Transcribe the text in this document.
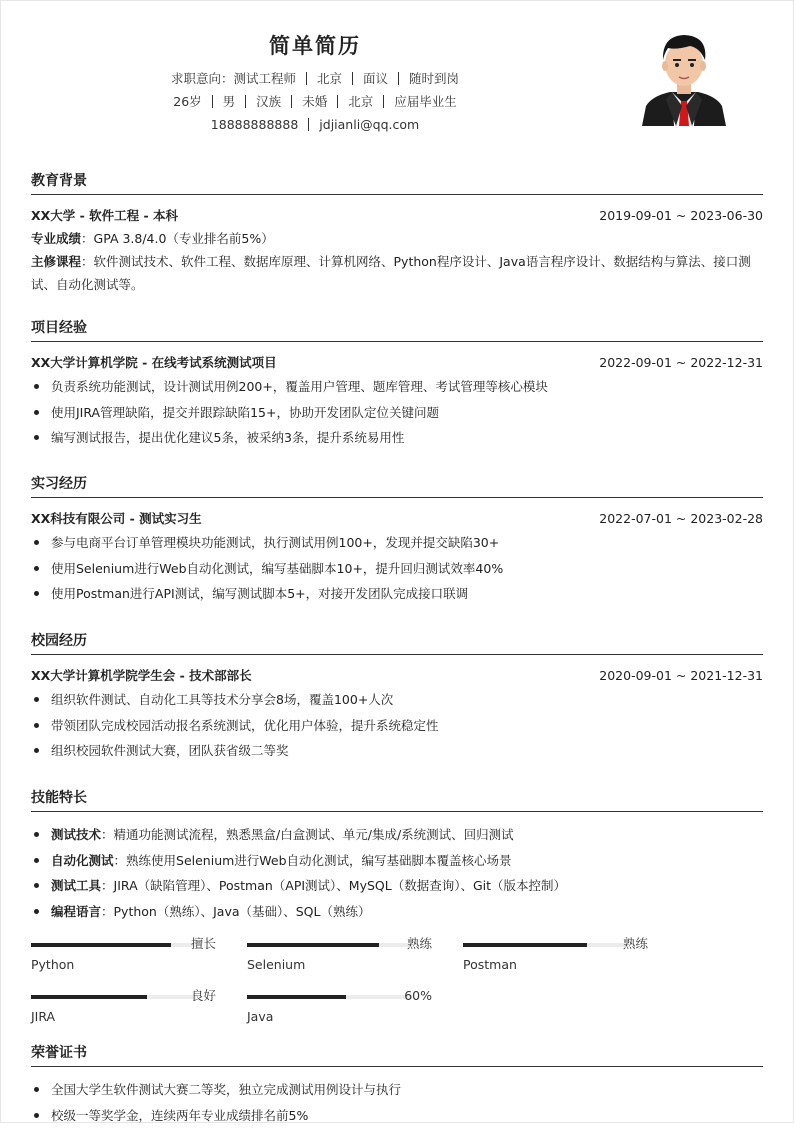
简单简历
求职意向：测试工程师 北京 面议 随时到岗
26岁 男 汉族 未婚 北京 应届毕业生
18888888888 jdjianli@qq.com
教育背景
XX大学 - 软件工程 - 本科	2019-09-01 ~ 2023-06-30
专业成绩：GPA 3.8/4.0（专业排名前5%）
主修课程：软件测试技术、软件工程、数据库原理、计算机网络、Python程序设计、Java语言程序设计、数据结构与算法、接口测试、自动化测试等。
项目经验
XX大学计算机学院 - 在线考试系统测试项目	2022-09-01 ~ 2022-12-31
负责系统功能测试，设计测试用例200+，覆盖用户管理、题库管理、考试管理等核心模块
使用JIRA管理缺陷，提交并跟踪缺陷15+，协助开发团队定位关键问题
编写测试报告，提出优化建议5条，被采纳3条，提升系统易用性
实习经历
XX科技有限公司 - 测试实习生	2022-07-01 ~ 2023-02-28
参与电商平台订单管理模块功能测试，执行测试用例100+，发现并提交缺陷30+
使用Selenium进行Web自动化测试，编写基础脚本10+，提升回归测试效率40%
使用Postman进行API测试，编写测试脚本5+，对接开发团队完成接口联调
校园经历
XX大学计算机学院学生会 - 技术部部长	2020-09-01 ~ 2021-12-31
组织软件测试、自动化工具等技术分享会8场，覆盖100+人次
带领团队完成校园活动报名系统测试，优化用户体验，提升系统稳定性
组织校园软件测试大赛，团队获省级二等奖
技能特长
测试技术：精通功能测试流程，熟悉黑盒/白盒测试、单元/集成/系统测试、回归测试
自动化测试：熟练使用Selenium进行Web自动化测试，编写基础脚本覆盖核心场景
测试工具：JIRA（缺陷管理）、Postman（API测试）、MySQL（数据查询）、Git（版本控制）
编程语言：Python（熟练）、Java（基础）、SQL（熟练）
擅长
Python
熟练
Selenium
熟练
Postman
良好
JIRA
60%
Java
荣誉证书
全国大学生软件测试大赛二等奖，独立完成测试用例设计与执行
校级一等奖学金，连续两年专业成绩排名前5%
